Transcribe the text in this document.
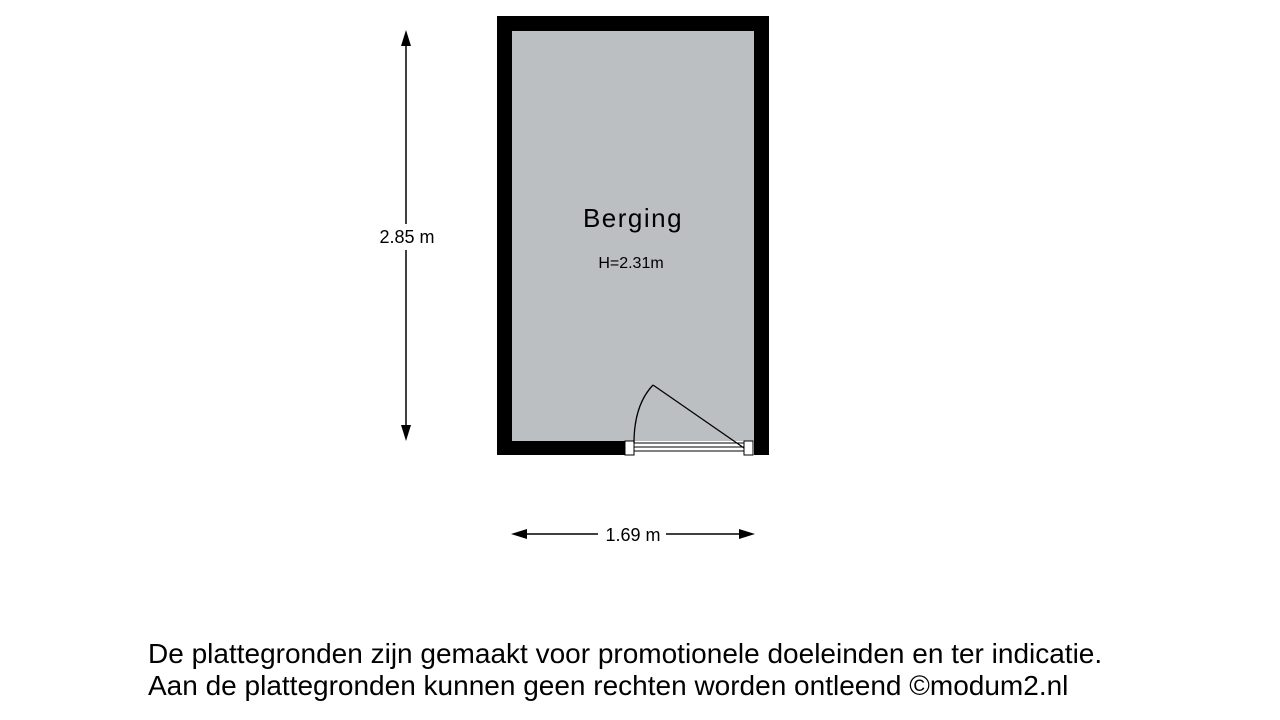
Berging
H=2.31m
2.85 m
1.69 m
De plattegronden zijn gemaakt voor promotionele doeleinden en ter indicatie.
Aan de plattegronden kunnen geen rechten worden ontleend ©modum2.nl
